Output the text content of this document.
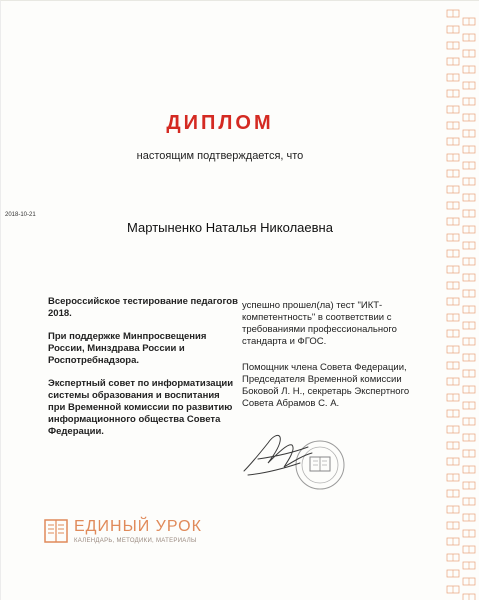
ДИПЛОМ
настоящим подтверждается, что
2018-10-21
Мартыненко Наталья Николаевна

Всероссийское тестирование педагогов 2018.

При поддержке Минпросвещения России, Минздрава России и Роспотребнадзора.

Экспертный совет по информатизации системы образования и воспитания при Временной комиссии по развитию информационного общества Совета Федерации.

успешно прошел(ла) тест "ИКТ-компетентность" в соответствии с требованиями профессионального стандарта и ФГОС.

Помощник члена Совета Федерации, Председателя Временной комиссии Боковой Л. Н., секретарь Экспертного Совета Абрамов С. А.

ЕДИНЫЙ УРОК
КАЛЕНДАРЬ, МЕТОДИКИ, МАТЕРИАЛЫ
